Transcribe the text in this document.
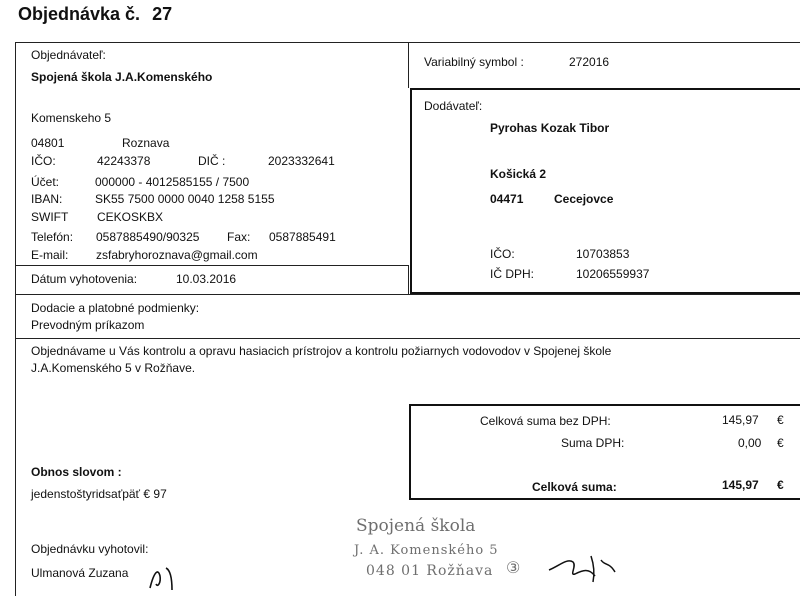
Objednávka č. 27
Objednávateľ:
Spojená škola J.A.Komenského
Komenskeho 5
04801	Roznava
IČO:	42243378	DIČ :	2023332641
Účet:	000000 - 4012585155 / 7500
IBAN:	SK55 7500 0000 0040 1258 5155
SWIFT CEKOSKBX
Telefón: 0587885490/90325 Fax: 0587885491
E-mail: zsfabryhoroznava@gmail.com
Dátum vyhotovenia:	10.03.2016
Variabilný symbol :	272016
Dodávateľ:
Pyrohas Kozak Tibor
Košická 2
04471	Cecejovce
IČO:	10703853
IČ DPH:	10206559937
Dodacie a platobné podmienky:
Prevodným príkazom
Objednávame u Vás kontrolu a opravu hasiacich prístrojov a kontrolu požiarnych vodovodov v Spojenej škole
J.A.Komenského 5 v Rožňave.
Celková suma bez DPH:	145,97 €
Suma DPH:	0,00 €
Celková suma:	145,97 €
Obnos slovom :
jedenstoštyridsaťpäť € 97
Objednávku vyhotovil:
Ulmanová Zuzana
Spojená škola
J. A. Komenského 5
048 01 Rožňava ③
